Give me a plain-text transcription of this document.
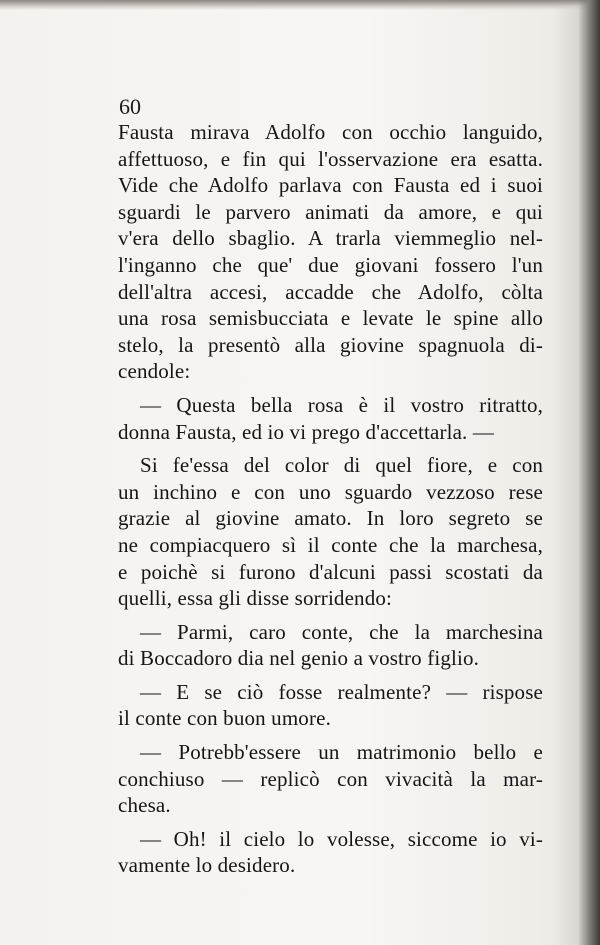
60
Fausta mirava Adolfo con occhio languido,
affettuoso, e fin qui l'osservazione era esatta.
Vide che Adolfo parlava con Fausta ed i suoi
sguardi le parvero animati da amore, e qui
v'era dello sbaglio. A trarla viemmeglio nel-
l'inganno che que' due giovani fossero l'un
dell'altra accesi, accadde che Adolfo, còlta
una rosa semisbucciata e levate le spine allo
stelo, la presentò alla giovine spagnuola di-
cendole:
— Questa bella rosa è il vostro ritratto,
donna Fausta, ed io vi prego d'accettarla. —
Si fe'essa del color di quel fiore, e con
un inchino e con uno sguardo vezzoso rese
grazie al giovine amato. In loro segreto se
ne compiacquero sì il conte che la marchesa,
e poichè si furono d'alcuni passi scostati da
quelli, essa gli disse sorridendo:
— Parmi, caro conte, che la marchesina
di Boccadoro dia nel genio a vostro figlio.
— E se ciò fosse realmente? — rispose
il conte con buon umore.
— Potrebb'essere un matrimonio bello e
conchiuso — replicò con vivacità la mar-
chesa.
— Oh! il cielo lo volesse, siccome io vi-
vamente lo desidero.
